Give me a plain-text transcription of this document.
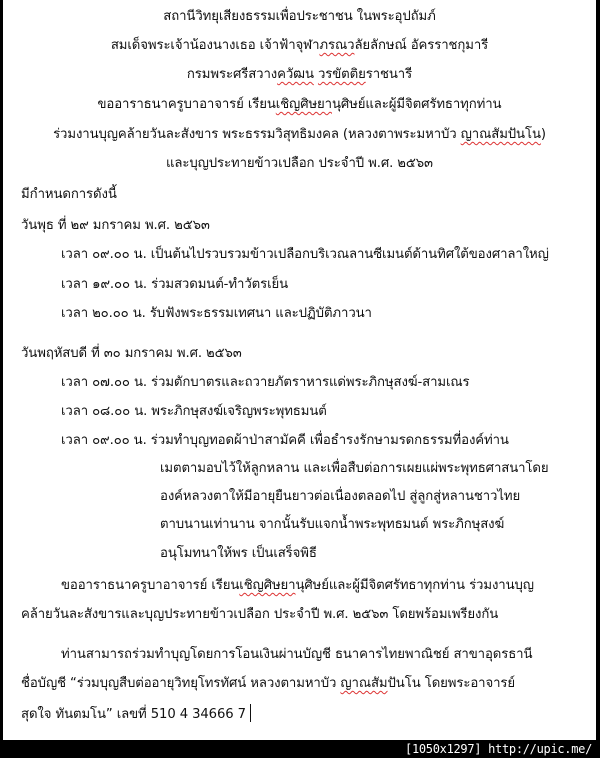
สถานีวิทยุเสียงธรรมเพื่อประชาชน ในพระอุปถัมภ์
สมเด็จพระเจ้าน้องนางเธอ เจ้าฟ้าจุฬาภรณวลัยลักษณ์ อัครราชกุมารี
กรมพระศรีสวางควัฒน วรขัตติยราชนารี
ขออาราธนาครูบาอาจารย์ เรียนเชิญศิษยานุศิษย์และผู้มีจิตศรัทธาทุกท่าน
ร่วมงานบุญคล้ายวันละสังขาร พระธรรมวิสุทธิมงคล (หลวงตาพระมหาบัว ญาณสัมปันโน)
และบุญประทายข้าวเปลือก ประจำปี พ.ศ. ๒๕๖๓
มีกำหนดการดังนี้
วันพุธ ที่ ๒๙ มกราคม พ.ศ. ๒๕๖๓
เวลา ๐๙.๐๐ น. เป็นต้นไปรวบรวมข้าวเปลือกบริเวณลานซีเมนต์ด้านทิศใต้ของศาลาใหญ่
เวลา ๑๙.๐๐ น. ร่วมสวดมนต์-ทำวัตรเย็น
เวลา ๒๐.๐๐ น. รับฟังพระธรรมเทศนา และปฏิบัติภาวนา
วันพฤหัสบดี ที่ ๓๐ มกราคม พ.ศ. ๒๕๖๓
เวลา ๐๗.๐๐ น. ร่วมตักบาตรและถวายภัตราหารแด่พระภิกษุสงฆ์-สามเณร
เวลา ๐๘.๐๐ น. พระภิกษุสงฆ์เจริญพระพุทธมนต์
เวลา ๐๙.๐๐ น. ร่วมทำบุญทอดผ้าป่าสามัคคี เพื่อธำรงรักษามรดกธรรมที่องค์ท่าน
เมตตามอบไว้ให้ลูกหลาน และเพื่อสืบต่อการเผยแผ่พระพุทธศาสนาโดย
องค์หลวงตาให้มีอายุยืนยาวต่อเนื่องตลอดไป สู่ลูกสู่หลานชาวไทย
ตาบนานเท่านาน จากนั้นรับแจกน้ำพระพุทธมนต์ พระภิกษุสงฆ์
อนุโมทนาให้พร เป็นเสร็จพิธี
ขออาราธนาครูบาอาจารย์ เรียนเชิญศิษยานุศิษย์และผู้มีจิตศรัทธาทุกท่าน ร่วมงานบุญ
คล้ายวันละสังขารและบุญประทายข้าวเปลือก ประจำปี พ.ศ. ๒๕๖๓ โดยพร้อมเพรียงกัน
ท่านสามารถร่วมทำบุญโดยการโอนเงินผ่านบัญชี ธนาคารไทยพาณิชย์ สาขาอุดรธานี
ชื่อบัญชี “ร่วมบุญสืบต่ออายุวิทยุโทรทัศน์ หลวงตามหาบัว ญาณสัมปันโน โดยพระอาจารย์
สุดใจ ทันตมโน” เลขที่ 510 4 34666 7
[1050x1297] http://upic.me/
